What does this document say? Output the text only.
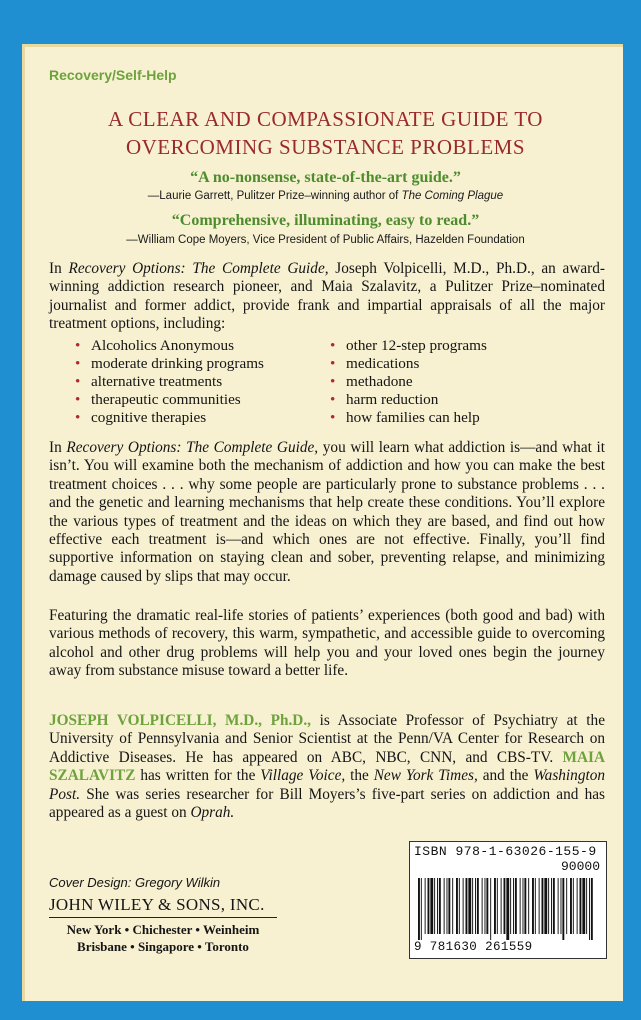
Recovery/Self-Help
A CLEAR AND COMPASSIONATE GUIDE TO
OVERCOMING SUBSTANCE PROBLEMS
“A no-nonsense, state-of-the-art guide.”
—Laurie Garrett, Pulitzer Prize–winning author of The Coming Plague
“Comprehensive, illuminating, easy to read.”
—William Cope Moyers, Vice President of Public Affairs, Hazelden Foundation
In Recovery Options: The Complete Guide, Joseph Volpicelli, M.D., Ph.D., an award-winning addiction research pioneer, and Maia Szalavitz, a Pulitzer Prize–nominated journalist and former addict, provide frank and impartial appraisals of all the major treatment options, including:
• Alcoholics Anonymous
• moderate drinking programs
• alternative treatments
• therapeutic communities
• cognitive therapies
• other 12-step programs
• medications
• methadone
• harm reduction
• how families can help
In Recovery Options: The Complete Guide, you will learn what addiction is—and what it isn’t. You will examine both the mechanism of addiction and how you can make the best treatment choices . . . why some people are particularly prone to substance problems . . . and the genetic and learning mechanisms that help create these conditions. You’ll explore the various types of treatment and the ideas on which they are based, and find out how effective each treatment is—and which ones are not effective. Finally, you’ll find supportive information on staying clean and sober, preventing relapse, and minimizing damage caused by slips that may occur.
Featuring the dramatic real-life stories of patients’ experiences (both good and bad) with various methods of recovery, this warm, sympathetic, and accessible guide to overcoming alcohol and other drug problems will help you and your loved ones begin the journey away from substance misuse toward a better life.
JOSEPH VOLPICELLI, M.D., Ph.D., is Associate Professor of Psychiatry at the University of Pennsylvania and Senior Scientist at the Penn/VA Center for Research on Addictive Diseases. He has appeared on ABC, NBC, CNN, and CBS-TV. MAIA SZALAVITZ has written for the Village Voice, the New York Times, and the Washington Post. She was series researcher for Bill Moyers’s five-part series on addiction and has appeared as a guest on Oprah.
Cover Design: Gregory Wilkin
JOHN WILEY & SONS, INC.
New York • Chichester • Weinheim
Brisbane • Singapore • Toronto
ISBN 978-1-63026-155-9
90000
9 781630 261559
